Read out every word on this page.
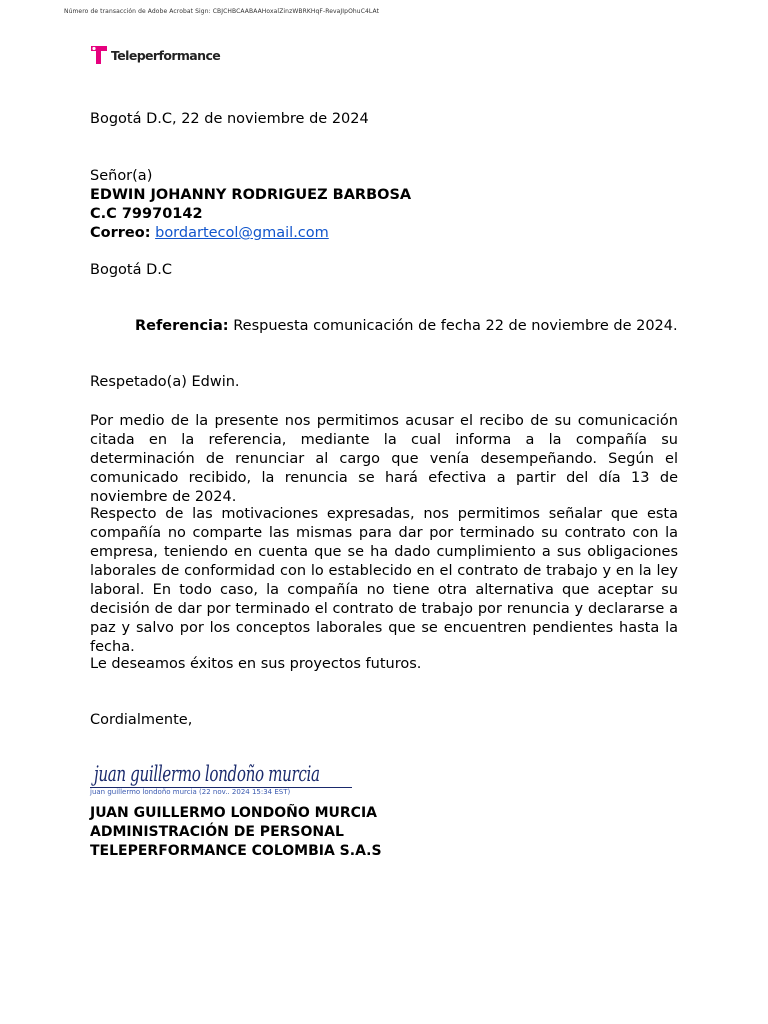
Número de transacción de Adobe Acrobat Sign: CBJCHBCAABAAHoxalZinzWBRKHqF-RevaJIpOhuC4LAt
Teleperformance
Bogotá D.C, 22 de noviembre de 2024
Señor(a)
EDWIN JOHANNY RODRIGUEZ BARBOSA
C.C 79970142
Correo: bordartecol@gmail.com
Bogotá D.C
Referencia: Respuesta comunicación de fecha 22 de noviembre de 2024.
Respetado(a) Edwin.
Por medio de la presente nos permitimos acusar el recibo de su comunicación citada en la referencia, mediante la cual informa a la compañía su determinación de renunciar al cargo que venía desempeñando. Según el comunicado recibido, la renuncia se hará efectiva a partir del día 13 de noviembre de 2024.
Respecto de las motivaciones expresadas, nos permitimos señalar que esta compañía no comparte las mismas para dar por terminado su contrato con la empresa, teniendo en cuenta que se ha dado cumplimiento a sus obligaciones laborales de conformidad con lo establecido en el contrato de trabajo y en la ley laboral. En todo caso, la compañía no tiene otra alternativa que aceptar su decisión de dar por terminado el contrato de trabajo por renuncia y declararse a paz y salvo por los conceptos laborales que se encuentren pendientes hasta la fecha.
Le deseamos éxitos en sus proyectos futuros.
Cordialmente,
juan guillermo londoño murcia
juan guillermo londoño murcia (22 nov.. 2024 15:34 EST)
JUAN GUILLERMO LONDOÑO MURCIA
ADMINISTRACIÓN DE PERSONAL
TELEPERFORMANCE COLOMBIA S.A.S
